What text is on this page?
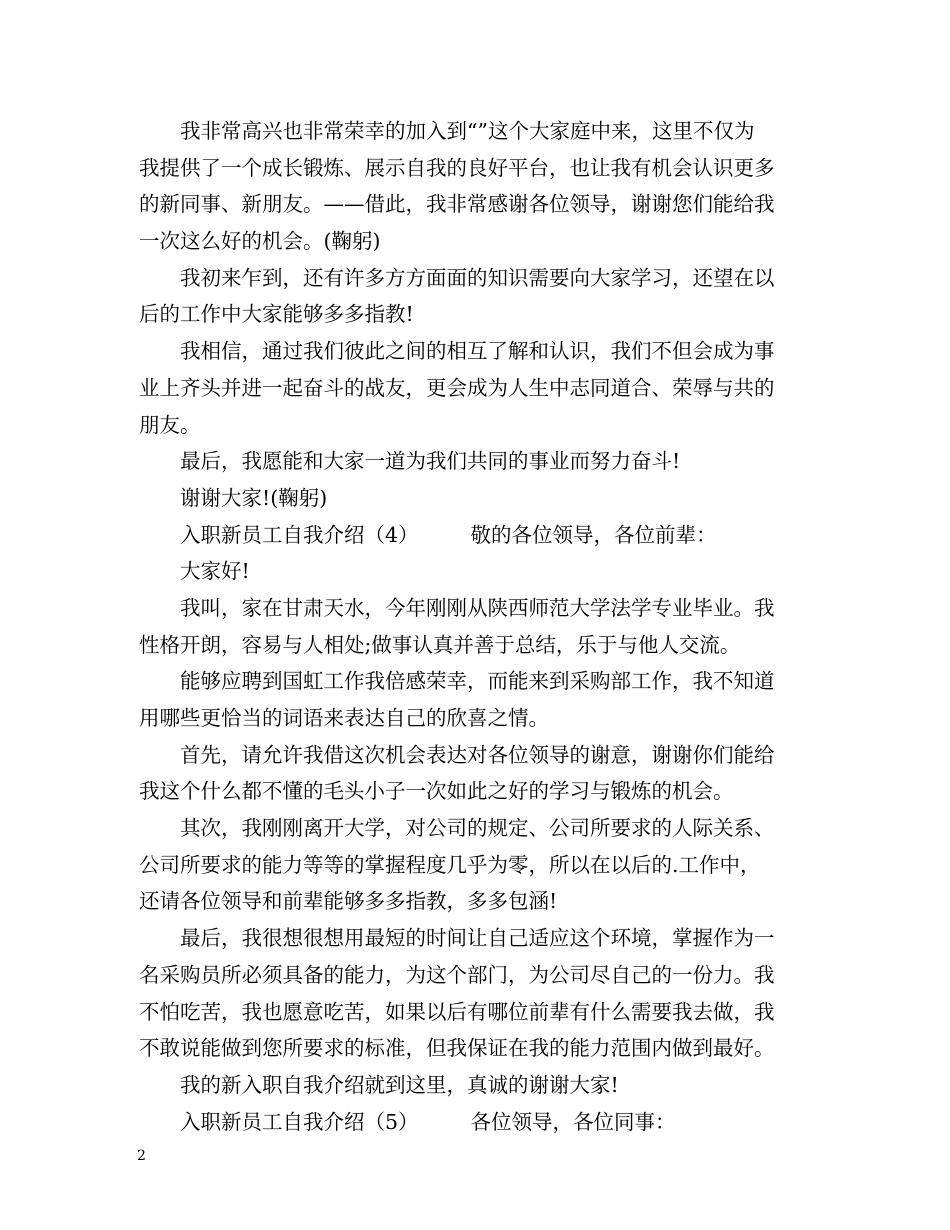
我非常高兴也非常荣幸的加入到“”这个大家庭中来，这里不仅为
我提供了一个成长锻炼、展示自我的良好平台，也让我有机会认识更多
的新同事、新朋友。——借此，我非常感谢各位领导，谢谢您们能给我
一次这么好的机会。(鞠躬)
我初来乍到，还有许多方方面面的知识需要向大家学习，还望在以
后的工作中大家能够多多指教!
我相信，通过我们彼此之间的相互了解和认识，我们不但会成为事
业上齐头并进一起奋斗的战友，更会成为人生中志同道合、荣辱与共的
朋友。
最后，我愿能和大家一道为我们共同的事业而努力奋斗!
谢谢大家!(鞠躬)
入职新员工自我介绍（4）	敬的各位领导，各位前辈：
大家好!
我叫，家在甘肃天水，今年刚刚从陕西师范大学法学专业毕业。我
性格开朗，容易与人相处;做事认真并善于总结，乐于与他人交流。
能够应聘到国虹工作我倍感荣幸，而能来到采购部工作，我不知道
用哪些更恰当的词语来表达自己的欣喜之情。
首先，请允许我借这次机会表达对各位领导的谢意，谢谢你们能给
我这个什么都不懂的毛头小子一次如此之好的学习与锻炼的机会。
其次，我刚刚离开大学，对公司的规定、公司所要求的人际关系、
公司所要求的能力等等的掌握程度几乎为零，所以在以后的.工作中，
还请各位领导和前辈能够多多指教，多多包涵!
最后，我很想很想用最短的时间让自己适应这个环境，掌握作为一
名采购员所必须具备的能力，为这个部门，为公司尽自己的一份力。我
不怕吃苦，我也愿意吃苦，如果以后有哪位前辈有什么需要我去做，我
不敢说能做到您所要求的标准，但我保证在我的能力范围内做到最好。
我的新入职自我介绍就到这里，真诚的谢谢大家!
入职新员工自我介绍（5）	各位领导，各位同事：
2
